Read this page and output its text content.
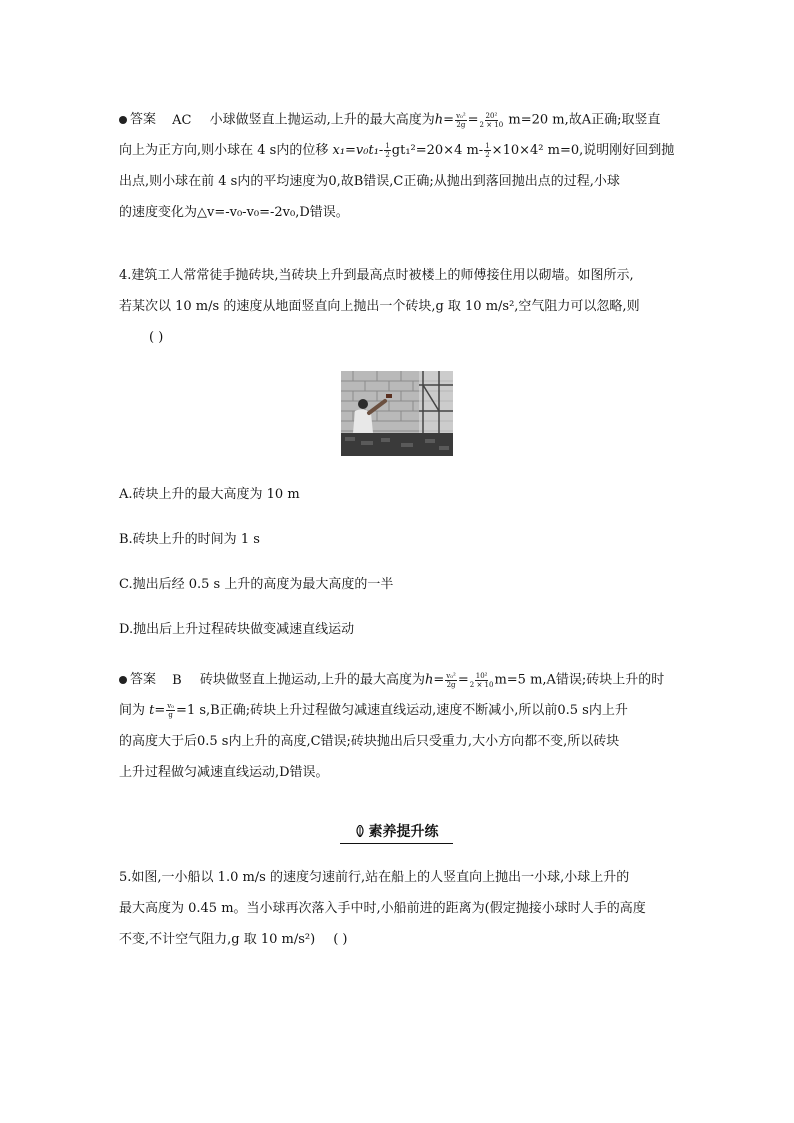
答案 AC 小球做竖直上抛运动,上升的最大高度为$h= \frac{\text{v₀²}}{2g} = \frac{\text{20²}}{2 \times 10} m=20$ m,故A正确;取竖直
向上为正方向,则小球在 4 s内的位移 $x_1=v_0t_1- \frac{1}{2} gt_1^2=20\times 4$ $m- \frac{1}{2} \times 10\times 4^2$ m=0,说明刚好回到抛
出点,则小球在前 4 s内的平均速度为0,故B错误,C正确;从抛出到落回抛出点的过程,小球
的速度变化为△v=-v₀-v₀=-2v₀,D错误。
4.建筑工人常常徒手抛砖块,当砖块上升到最高点时被楼上的师傅接住用以砌墙。如图所示,
若某次以 10 m/s 的速度从地面竖直向上抛出一个砖块,g 取 10 m/s²,空气阻力可以忽略,则
( )
A.砖块上升的最大高度为 10 m
B.砖块上升的时间为 1 s
C.抛出后经 0.5 s 上升的高度为最大高度的一半
D.抛出后上升过程砖块做变减速直线运动
答案 B 砖块做竖直上抛运动,上升的最大高度为$h= \frac{\text{v₀²}}{2g} = \frac{\text{10²}}{2 \times 10} m=5$ m,A错误;砖块上升的时
间为 $t= \frac{\text{v₀}}{g} =1$ s,B正确;砖块上升过程做匀减速直线运动,速度不断减小,所以前0.5 s内上升
的高度大于后0.5 s内上升的高度,C错误;砖块抛出后只受重力,大小方向都不变,所以砖块
上升过程做匀减速直线运动,D错误。
素养提升练
5.如图,一小船以 1.0 m/s 的速度匀速前行,站在船上的人竖直向上抛出一小球,小球上升的
最大高度为 0.45 m。当小球再次落入手中时,小船前进的距离为(假定抛接小球时人手的高度
不变,不计空气阻力,g 取 10 m/s²) ( )
